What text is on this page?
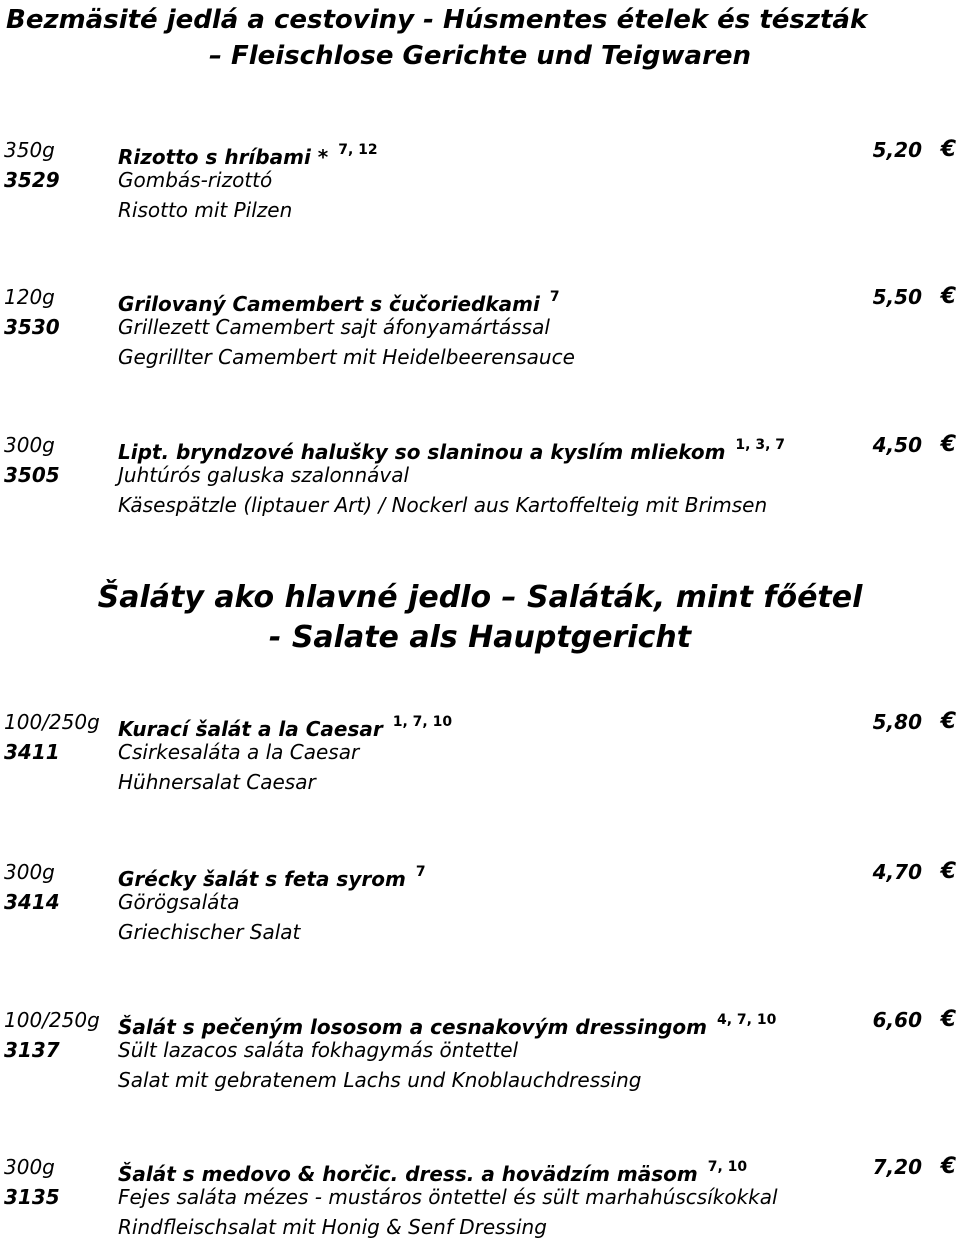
Bezmäsité jedlá a cestoviny - Húsmentes ételek és tészták
– Fleischlose Gerichte und Teigwaren
350g	Rizotto s hríbami * $^{7, 12}$	5,20 €
3529	Gombás-rizottó
Risotto mit Pilzen
120g	Grilovaný Camembert s čučoriedkami $^7$	5,50 €
3530	Grillezett Camembert sajt áfonyamártással
Gegrillter Camembert mit Heidelbeerensauce
300g	Lipt. bryndzové halušky so slaninou a kyslím mliekom $^{1, 3, 7}$	4,50 €
3505	Juhtúrós galuska szalonnával
Käsespätzle (liptauer Art) / Nockerl aus Kartoffelteig mit Brimsen
Šaláty ako hlavné jedlo – Saláták, mint főétel
- Salate als Hauptgericht
100/250g Kurací šalát a la Caesar $^{1, 7, 10}$	5,80 €
3411	Csirkesaláta a la Caesar
Hühnersalat Caesar
300g	Grécky šalát s feta syrom $^7$	4,70 €
3414	Görögsaláta
Griechischer Salat
100/250g Šalát s pečeným lososom a cesnakovým dressingom $^{4, 7, 10}$	6,60 €
3137	Sült lazacos saláta fokhagymás öntettel
Salat mit gebratenem Lachs und Knoblauchdressing
300g	Šalát s medovo & horčic. dress. a hovädzím mäsom $^{7, 10}$	7,20 €
3135	Fejes saláta mézes - mustáros öntettel és sült marhahúscsíkokkal
Rindfleischsalat mit Honig & Senf Dressing
